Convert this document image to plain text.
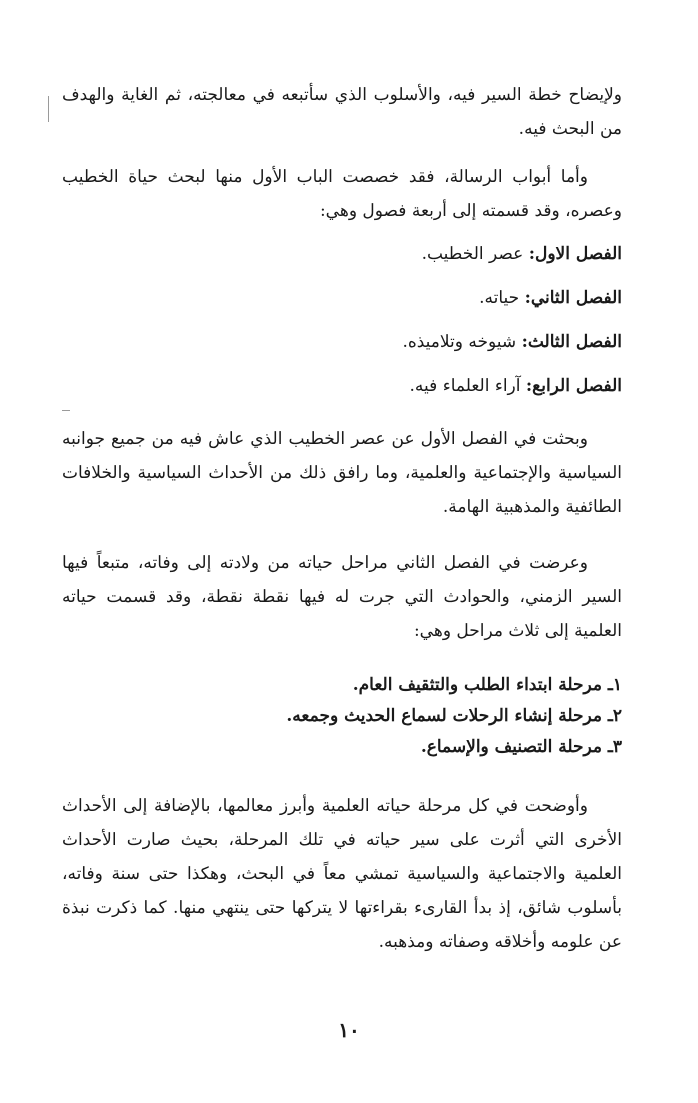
ولإيضاح خطة السير فيه، والأسلوب الذي سأتبعه في معالجته، ثم الغاية والهدف من البحث فيه.

وأما أبواب الرسالة، فقد خصصت الباب الأول منها لبحث حياة الخطيب وعصره، وقد قسمته إلى أربعة فصول وهي:

الفصل الاول: عصر الخطيب.

الفصل الثاني: حياته.

الفصل الثالث: شيوخه وتلاميذه.

الفصل الرابع: آراء العلماء فيه.

وبحثت في الفصل الأول عن عصر الخطيب الذي عاش فيه من جميع جوانبه السياسية والإجتماعية والعلمية، وما رافق ذلك من الأحداث السياسية والخلافات الطائفية والمذهبية الهامة.

وعرضت في الفصل الثاني مراحل حياته من ولادته إلى وفاته، متبعاً فيها السير الزمني، والحوادث التي جرت له فيها نقطة نقطة، وقد قسمت حياته العلمية إلى ثلاث مراحل وهي:

١ـ مرحلة ابتداء الطلب والتثقيف العام.
٢ـ مرحلة إنشاء الرحلات لسماع الحديث وجمعه.
٣ـ مرحلة التصنيف والإسماع.

وأوضحت في كل مرحلة حياته العلمية وأبرز معالمها، بالإضافة إلى الأحداث الأخرى التي أثرت على سير حياته في تلك المرحلة، بحيث صارت الأحداث العلمية والاجتماعية والسياسية تمشي معاً في البحث، وهكذا حتى سنة وفاته، بأسلوب شائق، إذ بدأ القارىء بقراءتها لا يتركها حتى ينتهي منها. كما ذكرت نبذة عن علومه وأخلاقه وصفاته ومذهبه.

١٠
